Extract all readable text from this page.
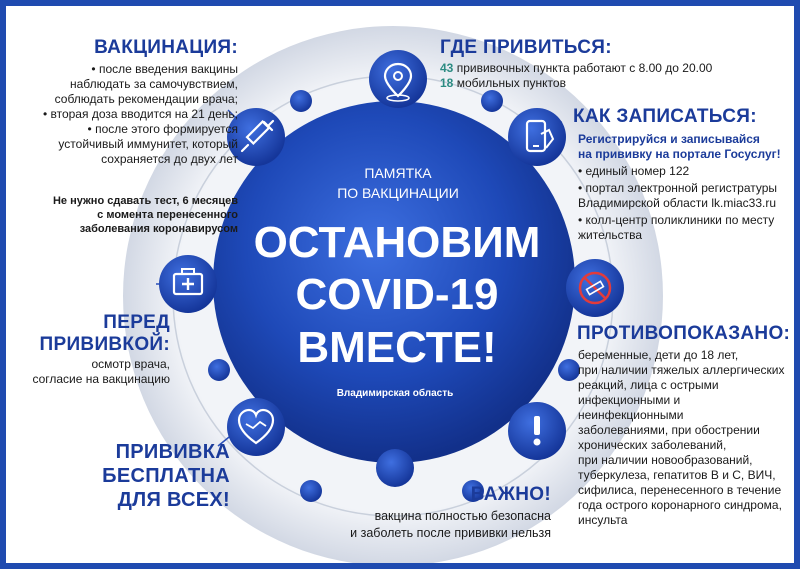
ПАМЯТКА
ПО ВАКЦИНАЦИИ
ОСТАНОВИМ
COVID-19
ВМЕСТЕ!
Владимирская область
ВАКЦИНАЦИЯ:
• после введения вакцины
наблюдать за самочувствием,
соблюдать рекомендации врача;
• вторая доза вводится на 21 день;
• после этого формируется
устойчивый иммунитет, который
сохраняется до двух лет
Не нужно сдавать тест, 6 месяцев
с момента перенесенного
заболевания коронавирусом
ГДЕ ПРИВИТЬСЯ:
43 прививочных пункта работают с 8.00 до 20.00
18 мобильных пунктов
КАК ЗАПИСАТЬСЯ:
Регистрируйся и записывайся
на прививку на портале Госуслуг!
• единый номер 122
• портал электронной регистратуры
Владимирской области lk.miac33.ru
• колл-центр поликлиники по месту
жительства
ПЕРЕД
ПРИВИВКОЙ:
осмотр врача,
согласие на вакцинацию
ПРОТИВОПОКАЗАНО:
беременные, дети до 18 лет,
при наличии тяжелых аллергических
реакций, лица с острыми
инфекционными и неинфекционными
заболеваниями, при обострении
хронических заболеваний,
при наличии новообразований,
туберкулеза, гепатитов В и С, ВИЧ,
сифилиса, перенесенного в течение
года острого коронарного синдрома,
инсульта
ПРИВИВКА
БЕСПЛАТНА
ДЛЯ ВСЕХ!	ВАЖНО!
вакцина полностью безопасна
и заболеть после прививки нельзя
